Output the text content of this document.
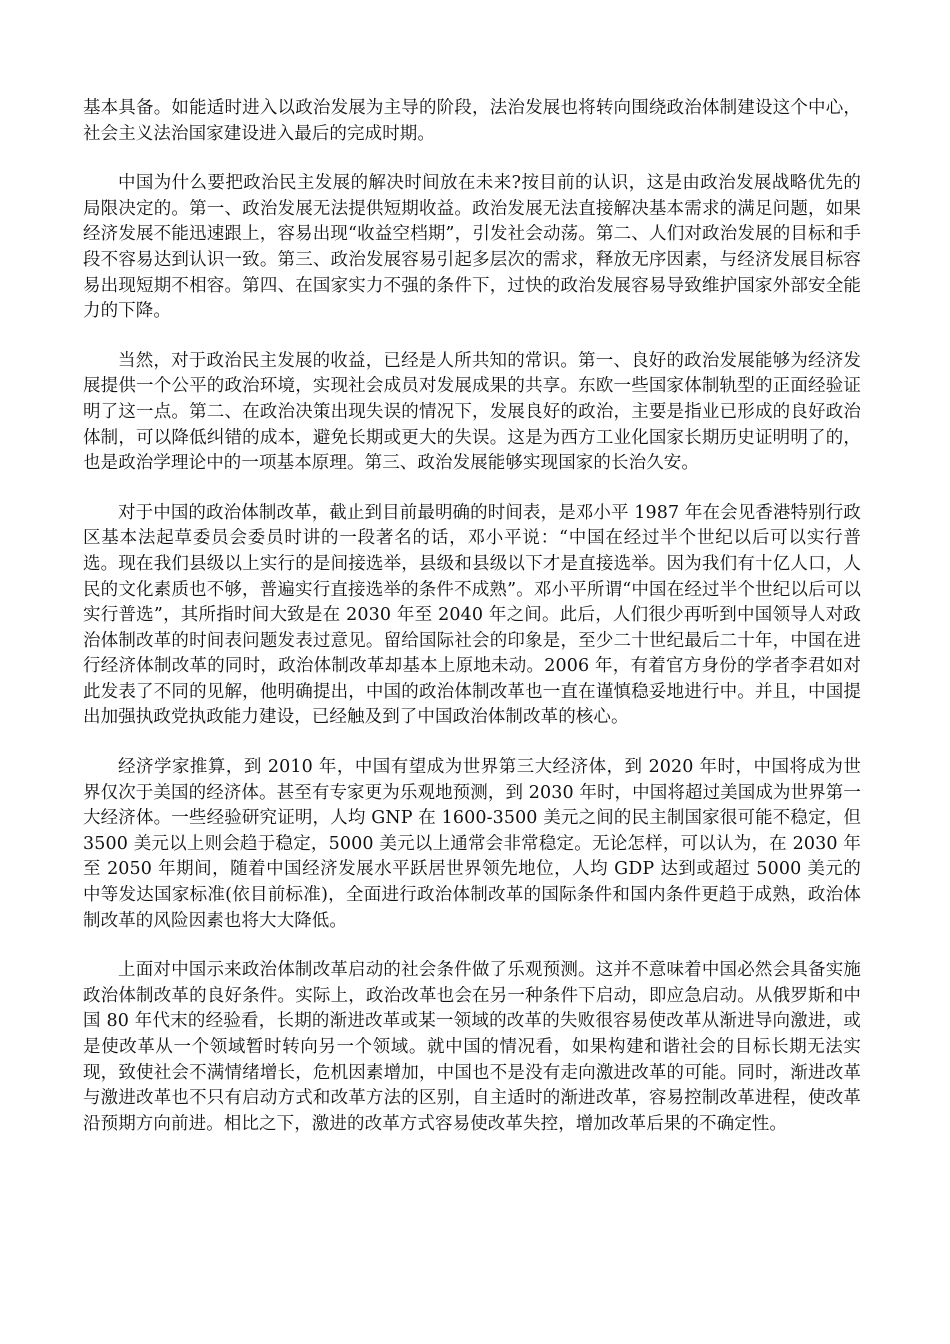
基本具备。如能适时进入以政治发展为主导的阶段，法治发展也将转向围绕政治体制建设这个中心，社会主义法治国家建设进入最后的完成时期。

中国为什么要把政治民主发展的解决时间放在未来?按目前的认识，这是由政治发展战略优先的局限决定的。第一、政治发展无法提供短期收益。政治发展无法直接解决基本需求的满足问题，如果经济发展不能迅速跟上，容易出现“收益空档期”，引发社会动荡。第二、人们对政治发展的目标和手段不容易达到认识一致。第三、政治发展容易引起多层次的需求，释放无序因素，与经济发展目标容易出现短期不相容。第四、在国家实力不强的条件下，过快的政治发展容易导致维护国家外部安全能力的下降。

当然，对于政治民主发展的收益，已经是人所共知的常识。第一、良好的政治发展能够为经济发展提供一个公平的政治环境，实现社会成员对发展成果的共享。东欧一些国家体制轨型的正面经验证明了这一点。第二、在政治决策出现失误的情况下，发展良好的政治，主要是指业已形成的良好政治体制，可以降低纠错的成本，避免长期或更大的失误。这是为西方工业化国家长期历史证明明了的，也是政治学理论中的一项基本原理。第三、政治发展能够实现国家的长治久安。

对于中国的政治体制改革，截止到目前最明确的时间表，是邓小平 1987 年在会见香港特别行政区基本法起草委员会委员时讲的一段著名的话，邓小平说：“中国在经过半个世纪以后可以实行普选。现在我们县级以上实行的是间接选举，县级和县级以下才是直接选举。因为我们有十亿人口，人民的文化素质也不够，普遍实行直接选举的条件不成熟”。邓小平所谓“中国在经过半个世纪以后可以实行普选”，其所指时间大致是在 2030 年至 2040 年之间。此后，人们很少再听到中国领导人对政治体制改革的时间表问题发表过意见。留给国际社会的印象是，至少二十世纪最后二十年，中国在进行经济体制改革的同时，政治体制改革却基本上原地未动。2006 年，有着官方身份的学者李君如对此发表了不同的见解，他明确提出，中国的政治体制改革也一直在谨慎稳妥地进行中。并且，中国提出加强执政党执政能力建设，已经触及到了中国政治体制改革的核心。

经济学家推算，到 2010 年，中国有望成为世界第三大经济体，到 2020 年时，中国将成为世界仅次于美国的经济体。甚至有专家更为乐观地预测，到 2030 年时，中国将超过美国成为世界第一大经济体。一些经验研究证明，人均 GNP 在 1600-3500 美元之间的民主制国家很可能不稳定，但 3500 美元以上则会趋于稳定，5000 美元以上通常会非常稳定。无论怎样，可以认为，在 2030 年至 2050 年期间，随着中国经济发展水平跃居世界领先地位，人均 GDP 达到或超过 5000 美元的中等发达国家标准(依目前标准)，全面进行政治体制改革的国际条件和国内条件更趋于成熟，政治体制改革的风险因素也将大大降低。

上面对中国示来政治体制改革启动的社会条件做了乐观预测。这并不意味着中国必然会具备实施政治体制改革的良好条件。实际上，政治改革也会在另一种条件下启动，即应急启动。从俄罗斯和中国 80 年代末的经验看，长期的渐进改革或某一领域的改革的失败很容易使改革从渐进导向激进，或是使改革从一个领域暂时转向另一个领域。就中国的情况看，如果构建和谐社会的目标长期无法实现，致使社会不满情绪增长，危机因素增加，中国也不是没有走向激进改革的可能。同时，渐进改革与激进改革也不只有启动方式和改革方法的区别，自主适时的渐进改革，容易控制改革进程，使改革沿预期方向前进。相比之下，激进的改革方式容易使改革失控，增加改革后果的不确定性。
